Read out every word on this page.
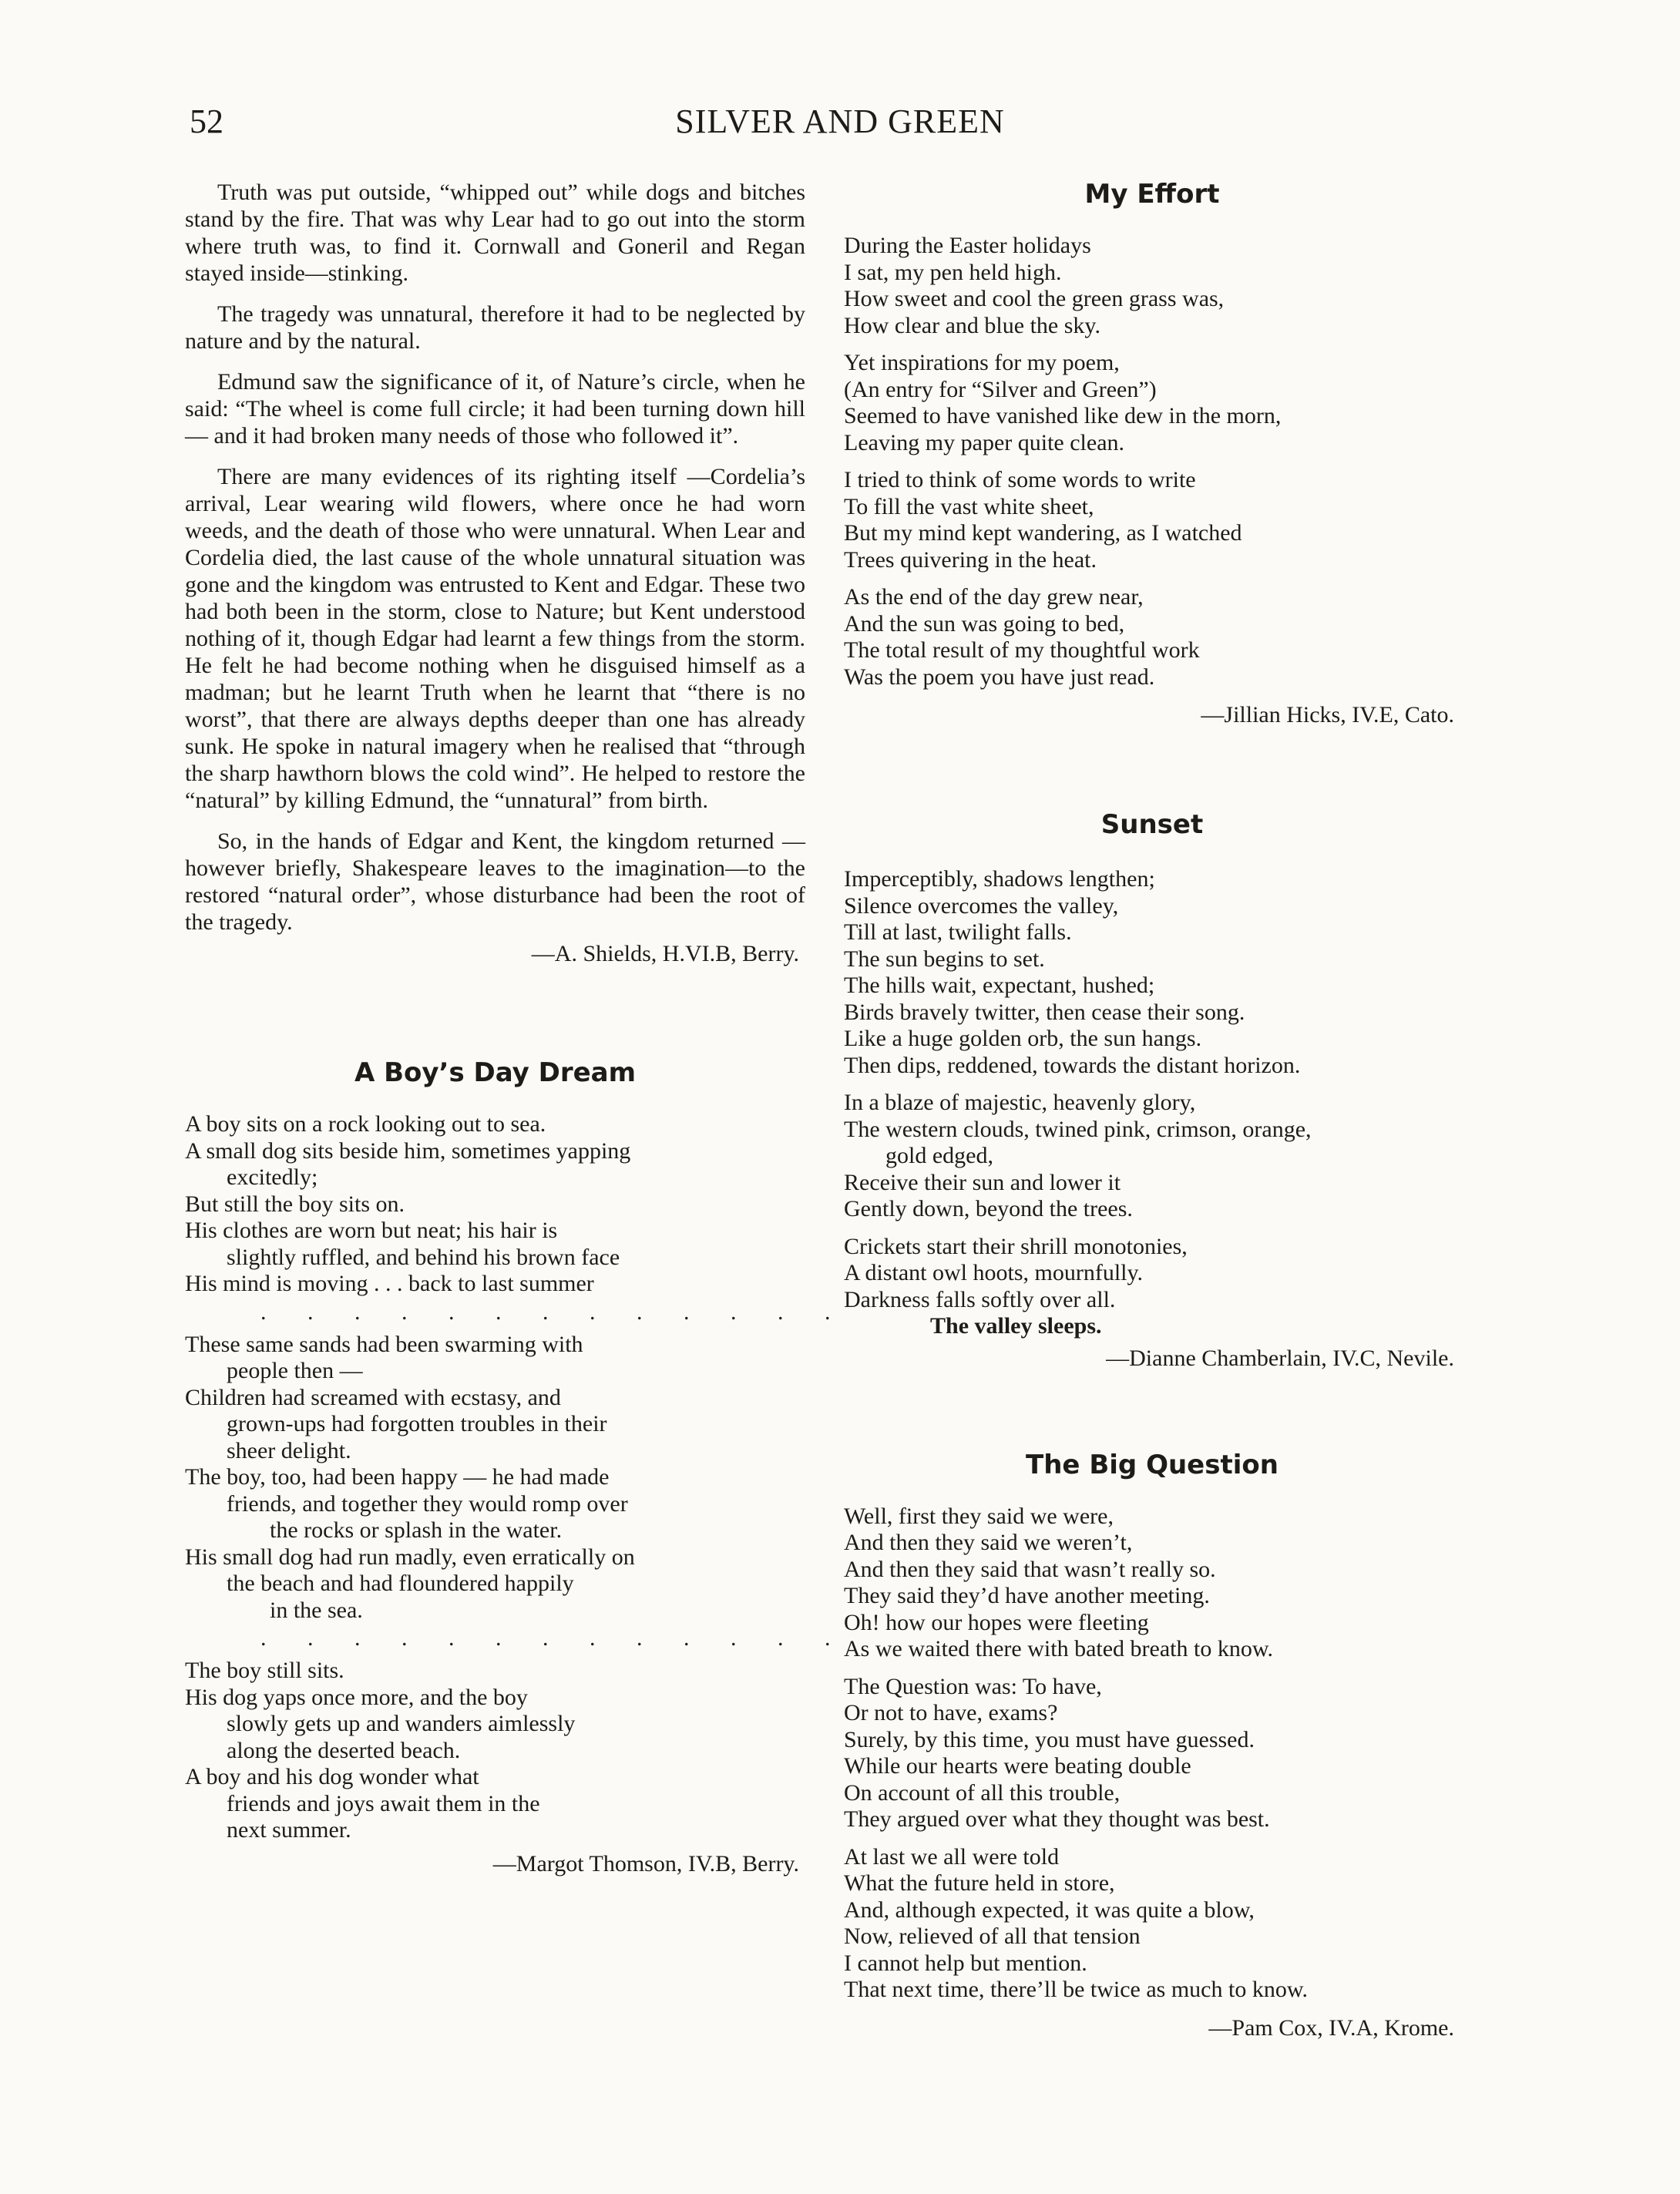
52	SILVER AND GREEN

Truth was put outside, “whipped out” while dogs and bitches stand by the fire. That was why Lear had to go out into the storm where truth was, to find it. Cornwall and Goneril and Regan stayed inside—stinking.

The tragedy was unnatural, therefore it had to be neglected by nature and by the natural.

Edmund saw the significance of it, of Nature’s circle, when he said: “The wheel is come full circle; it had been turning down hill — and it had broken many needs of those who followed it”.

There are many evidences of its righting itself —Cordelia’s arrival, Lear wearing wild flowers, where once he had worn weeds, and the death of those who were unnatural. When Lear and Cordelia died, the last cause of the whole unnatural situation was gone and the kingdom was entrusted to Kent and Edgar. These two had both been in the storm, close to Nature; but Kent understood nothing of it, though Edgar had learnt a few things from the storm. He felt he had become nothing when he disguised himself as a madman; but he learnt Truth when he learnt that “there is no worst”, that there are always depths deeper than one has already sunk. He spoke in natural imagery when he realised that “through the sharp hawthorn blows the cold wind”. He helped to restore the “natural” by killing Edmund, the “unnatural” from birth.

So, in the hands of Edgar and Kent, the kingdom returned — however briefly, Shakespeare leaves to the imagination—to the restored “natural order”, whose disturbance had been the root of the tragedy.

—A. Shields, H.VI.B, Berry.
A Boy’s Day Dream
A boy sits on a rock looking out to sea.
A small dog sits beside him, sometimes yapping
excitedly;
But still the boy sits on.
His clothes are worn but neat; his hair is
slightly ruffled, and behind his brown face
His mind is moving . . . back to last summer
. . . . . . . . . . . . .
These same sands had been swarming with
people then —
Children had screamed with ecstasy, and
grown-ups had forgotten troubles in their
sheer delight.
The boy, too, had been happy — he had made
friends, and together they would romp over
the rocks or splash in the water.
His small dog had run madly, even erratically on
the beach and had floundered happily
in the sea.
. . . . . . . . . . . . .
The boy still sits.
His dog yaps once more, and the boy
slowly gets up and wanders aimlessly
along the deserted beach.
A boy and his dog wonder what
friends and joys await them in the
next summer.
—Margot Thomson, IV.B, Berry.
My Effort
During the Easter holidays
I sat, my pen held high.
How sweet and cool the green grass was,
How clear and blue the sky.
Yet inspirations for my poem,
(An entry for “Silver and Green”)
Seemed to have vanished like dew in the morn,
Leaving my paper quite clean.
I tried to think of some words to write
To fill the vast white sheet,
But my mind kept wandering, as I watched
Trees quivering in the heat.
As the end of the day grew near,
And the sun was going to bed,
The total result of my thoughtful work
Was the poem you have just read.
—Jillian Hicks, IV.E, Cato.
Sunset
Imperceptibly, shadows lengthen;
Silence overcomes the valley,
Till at last, twilight falls.
The sun begins to set.
The hills wait, expectant, hushed;
Birds bravely twitter, then cease their song.
Like a huge golden orb, the sun hangs.
Then dips, reddened, towards the distant horizon.
In a blaze of majestic, heavenly glory,
The western clouds, twined pink, crimson, orange,
gold edged,
Receive their sun and lower it
Gently down, beyond the trees.
Crickets start their shrill monotonies,
A distant owl hoots, mournfully.
Darkness falls softly over all.
The valley sleeps.
—Dianne Chamberlain, IV.C, Nevile.
The Big Question
Well, first they said we were,
And then they said we weren’t,
And then they said that wasn’t really so.
They said they’d have another meeting.
Oh! how our hopes were fleeting
As we waited there with bated breath to know.
The Question was: To have,
Or not to have, exams?
Surely, by this time, you must have guessed.
While our hearts were beating double
On account of all this trouble,
They argued over what they thought was best.
At last we all were told
What the future held in store,
And, although expected, it was quite a blow,
Now, relieved of all that tension
I cannot help but mention.
That next time, there’ll be twice as much to know.
—Pam Cox, IV.A, Krome.
